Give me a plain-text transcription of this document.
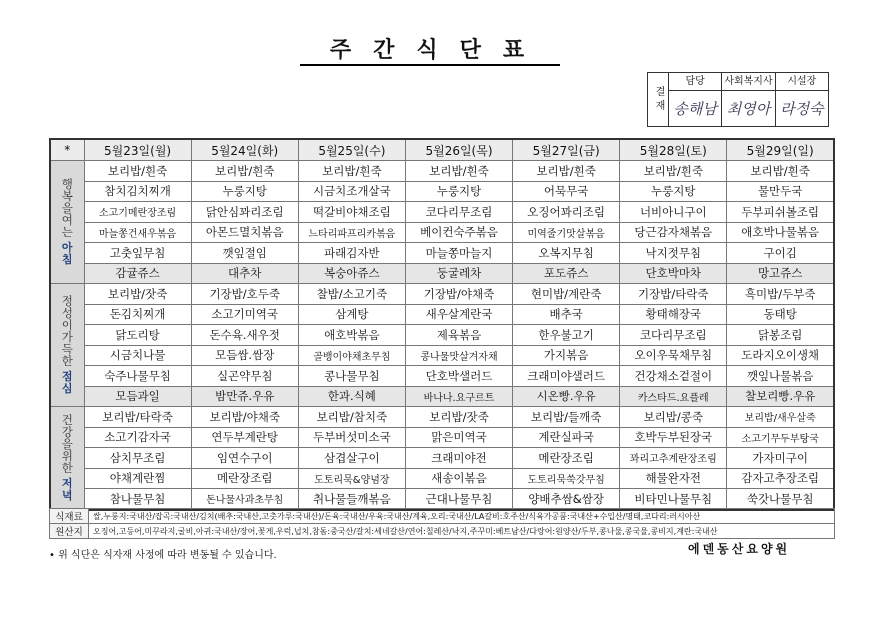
주간식단표
결재
담당
송해남
사회복지사
최영아
시설장
라정숙
*	5월23일(월)	5월24일(화)	5월25일(수)	5월26일(목)	5월27일(금)	5월28일(토)	5월29일(일)

행복을여는
아침	보리밥/흰죽	보리밥/흰죽	보리밥/흰죽	보리밥/흰죽	보리밥/흰죽	보리밥/흰죽	보리밥/흰죽
	참치김치찌개	누룽지탕	시금치조개살국	누룽지탕	어묵무국	누룽지탕	물만두국
	소고기메란장조림	닭안심꽈리조림	떡갈비야채조림	코다리무조림	오징어꽈리조림	너비아니구이	두부피쉬볼조림
	마늘쫑건새우볶음	아몬드멸치볶음	느타리파프리카볶음	베이컨숙주볶음	미역줄기맛살볶음	당근감자채볶음	애호박나물볶음
	고춧잎무침	깻잎절임	파래김자반	마늘쫑마늘지	오복지무침	낙지젓무침	구이김
	감귤쥬스	대추차	복숭아쥬스	둥굴레차	포도쥬스	단호박마차	망고쥬스

정성이가득한
점심	보리밥/잣죽	기장밥/호두죽	찰밥/소고기죽	기장밥/야채죽	현미밥/계란죽	기장밥/타락죽	흑미밥/두부죽
	돈김치찌개	소고기미역국	삼계탕	새우살계란국	배추국	황태해장국	동태탕
	닭도리탕	돈수육.새우젓	애호박볶음	제육볶음	한우불고기	코다리무조림	닭봉조림
	시금치나물	모듬쌈.쌈장	골뱅이야채초무침	콩나물맛살겨자채	가지볶음	오이우묵채무침	도라지오이생채
	숙주나물무침	실곤약무침	콩나물무침	단호박샐러드	크래미야샐러드	건강채소겉절이	깻잎나물볶음
	모듬과일	밤만쥬.우유	한과.식혜	바나나.요구르트	시온빵.우유	카스타드.요플레	찰보리빵.우유

건강을위한
저녁	보리밥/타락죽	보리밥/야채죽	보리밥/참치죽	보리밥/잣죽	보리밥/들깨죽	보리밥/콩죽	보리밥/새우살죽
	소고기감자국	연두부계란탕	두부버섯미소국	맑은미역국	계란실파국	호박두부된장국	소고기무두부탕국
	삼치무조림	임연수구이	삼겹살구이	크래미야전	메란장조림	꽈리고추계란장조림	가자미구이
	야채계란찜	메란장조림	도토리묵&양념장	새송이볶음	도토리묵쑥갓무침	해물완자전	감자고추장조림
	참나물무침	돈나물사과초무침	취나물들깨볶음	근대나물무침	양배추쌈&쌈장	비타민나물무침	쑥갓나물무침
식재료	쌀,누룽지:국내산/잡곡:국내산/김치(배추:국내산,고춧가루:국내산)/돈육:국내산/우육:국내산/계육,오리:국내산/LA갈비:호주산/식육가공품:국내산+수입산/명태,코다리:러시아산
원산지	오징어,고등어,미꾸라지,굴비,아귀:국내산/장어,꽃게,우럭,넙치,참돔:중국산/갈치:세네갈산/연어:칠레산/낙지,주꾸미:베트남산/다랑어:원양산/두부,콩나물,콩국물,콩비지,계란:국내산
• 위 식단은 식자재 사정에 따라 변동될 수 있습니다.	에덴동산요양원
